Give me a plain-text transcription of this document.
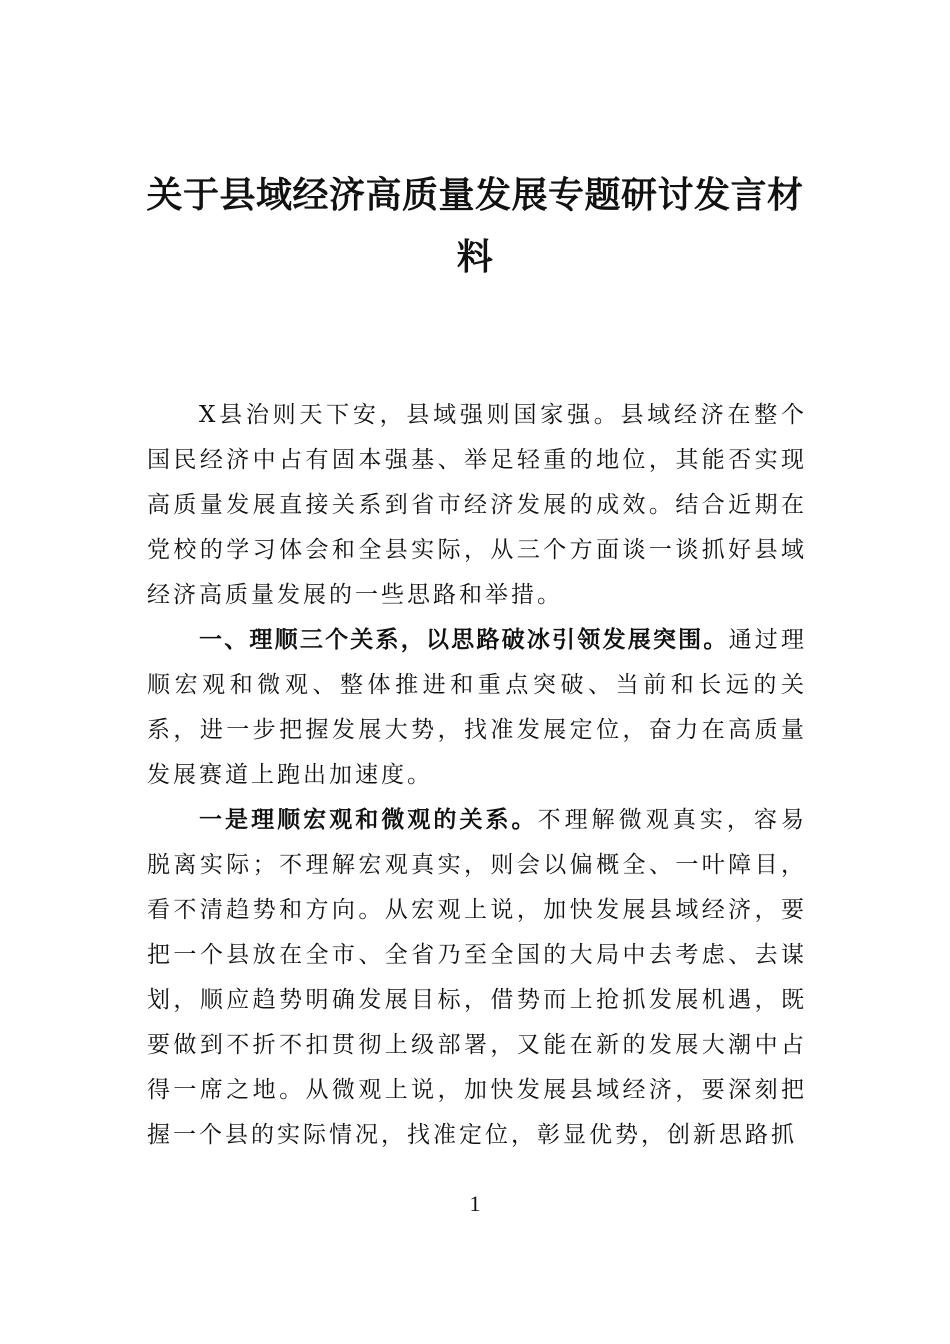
关于县域经济高质量发展专题研讨发言材料

X县治则天下安，县域强则国家强。县域经济在整个国民经济中占有固本强基、举足轻重的地位，其能否实现高质量发展直接关系到省市经济发展的成效。结合近期在党校的学习体会和全县实际，从三个方面谈一谈抓好县域经济高质量发展的一些思路和举措。

一、理顺三个关系，以思路破冰引领发展突围。通过理顺宏观和微观、整体推进和重点突破、当前和长远的关系，进一步把握发展大势，找准发展定位，奋力在高质量发展赛道上跑出加速度。

一是理顺宏观和微观的关系。不理解微观真实，容易脱离实际；不理解宏观真实，则会以偏概全、一叶障目，看不清趋势和方向。从宏观上说，加快发展县域经济，要把一个县放在全市、全省乃至全国的大局中去考虑、去谋划，顺应趋势明确发展目标，借势而上抢抓发展机遇，既要做到不折不扣贯彻上级部署，又能在新的发展大潮中占得一席之地。从微观上说，加快发展县域经济，要深刻把握一个县的实际情况，找准定位，彰显优势，创新思路抓

1
